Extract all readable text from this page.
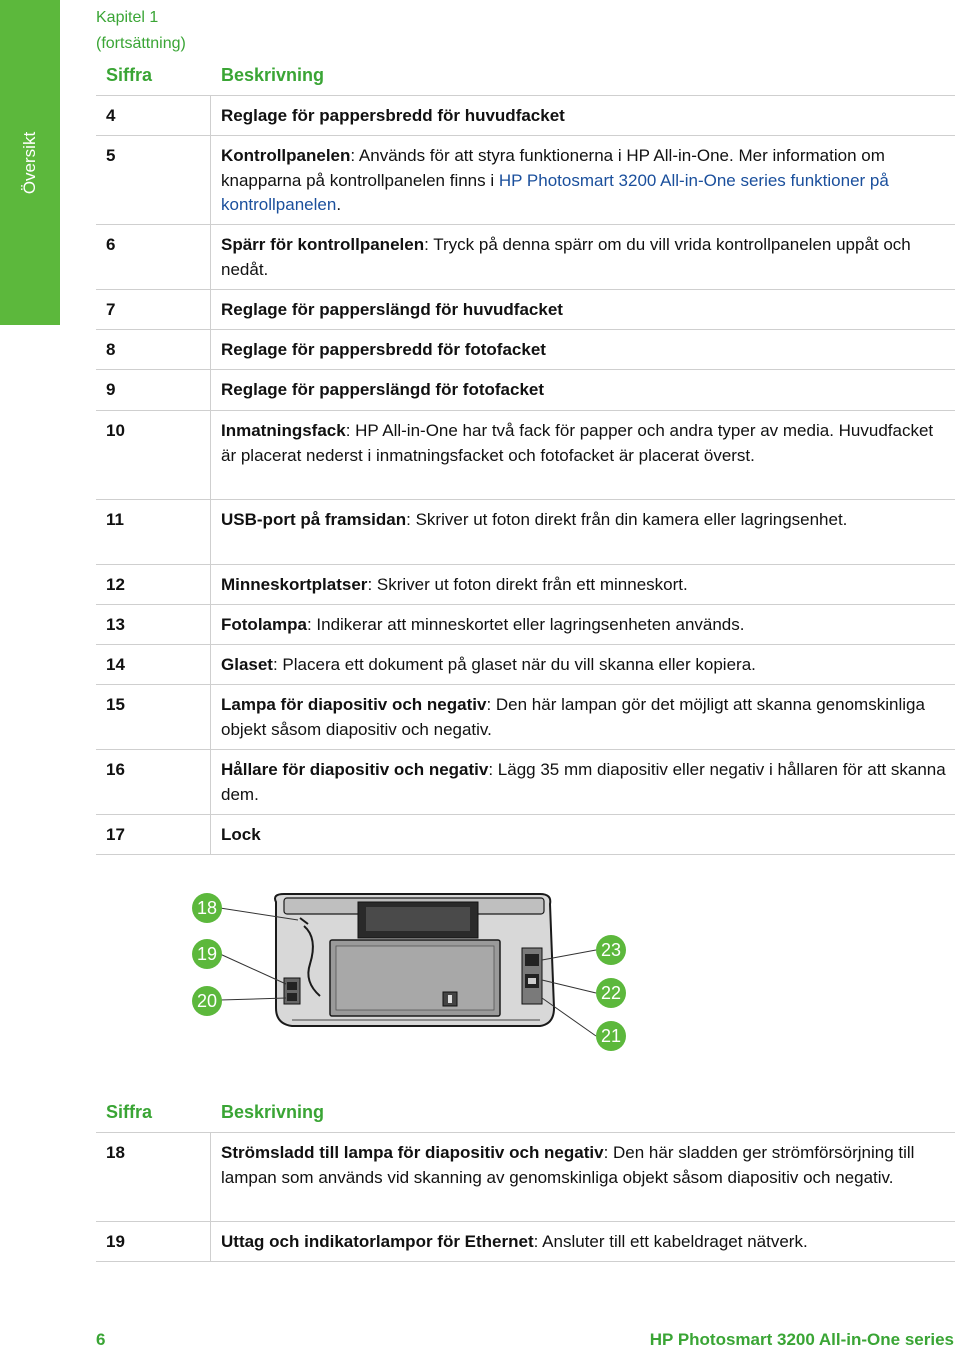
Översikt
Kapitel 1
(fortsättning)
Siffra	Beskrivning
4	Reglage för pappersbredd för huvudfacket
5	Kontrollpanelen: Används för att styra funktionerna i HP All-in-One. Mer information om knapparna på kontrollpanelen finns i HP Photosmart 3200 All-in-One series funktioner på kontrollpanelen.
6	Spärr för kontrollpanelen: Tryck på denna spärr om du vill vrida kontrollpanelen uppåt och nedåt.
7	Reglage för papperslängd för huvudfacket
8	Reglage för pappersbredd för fotofacket
9	Reglage för papperslängd för fotofacket
10	Inmatningsfack: HP All-in-One har två fack för papper och andra typer av media. Huvudfacket är placerat nederst i inmatningsfacket och fotofacket är placerat överst.
11	USB-port på framsidan: Skriver ut foton direkt från din kamera eller lagringsenhet.
12	Minneskortplatser: Skriver ut foton direkt från ett minneskort.
13	Fotolampa: Indikerar att minneskortet eller lagringsenheten används.
14	Glaset: Placera ett dokument på glaset när du vill skanna eller kopiera.
15	Lampa för diapositiv och negativ: Den här lampan gör det möjligt att skanna genomskinliga objekt såsom diapositiv och negativ.
16	Hållare för diapositiv och negativ: Lägg 35 mm diapositiv eller negativ i hållaren för att skanna dem.
17	Lock
18
19
20
23
22
21
Siffra	Beskrivning
18	Strömsladd till lampa för diapositiv och negativ: Den här sladden ger strömförsörjning till lampan som används vid skanning av genomskinliga objekt såsom diapositiv och negativ.
19	Uttag och indikatorlampor för Ethernet: Ansluter till ett kabeldraget nätverk.
6	HP Photosmart 3200 All-in-One series
